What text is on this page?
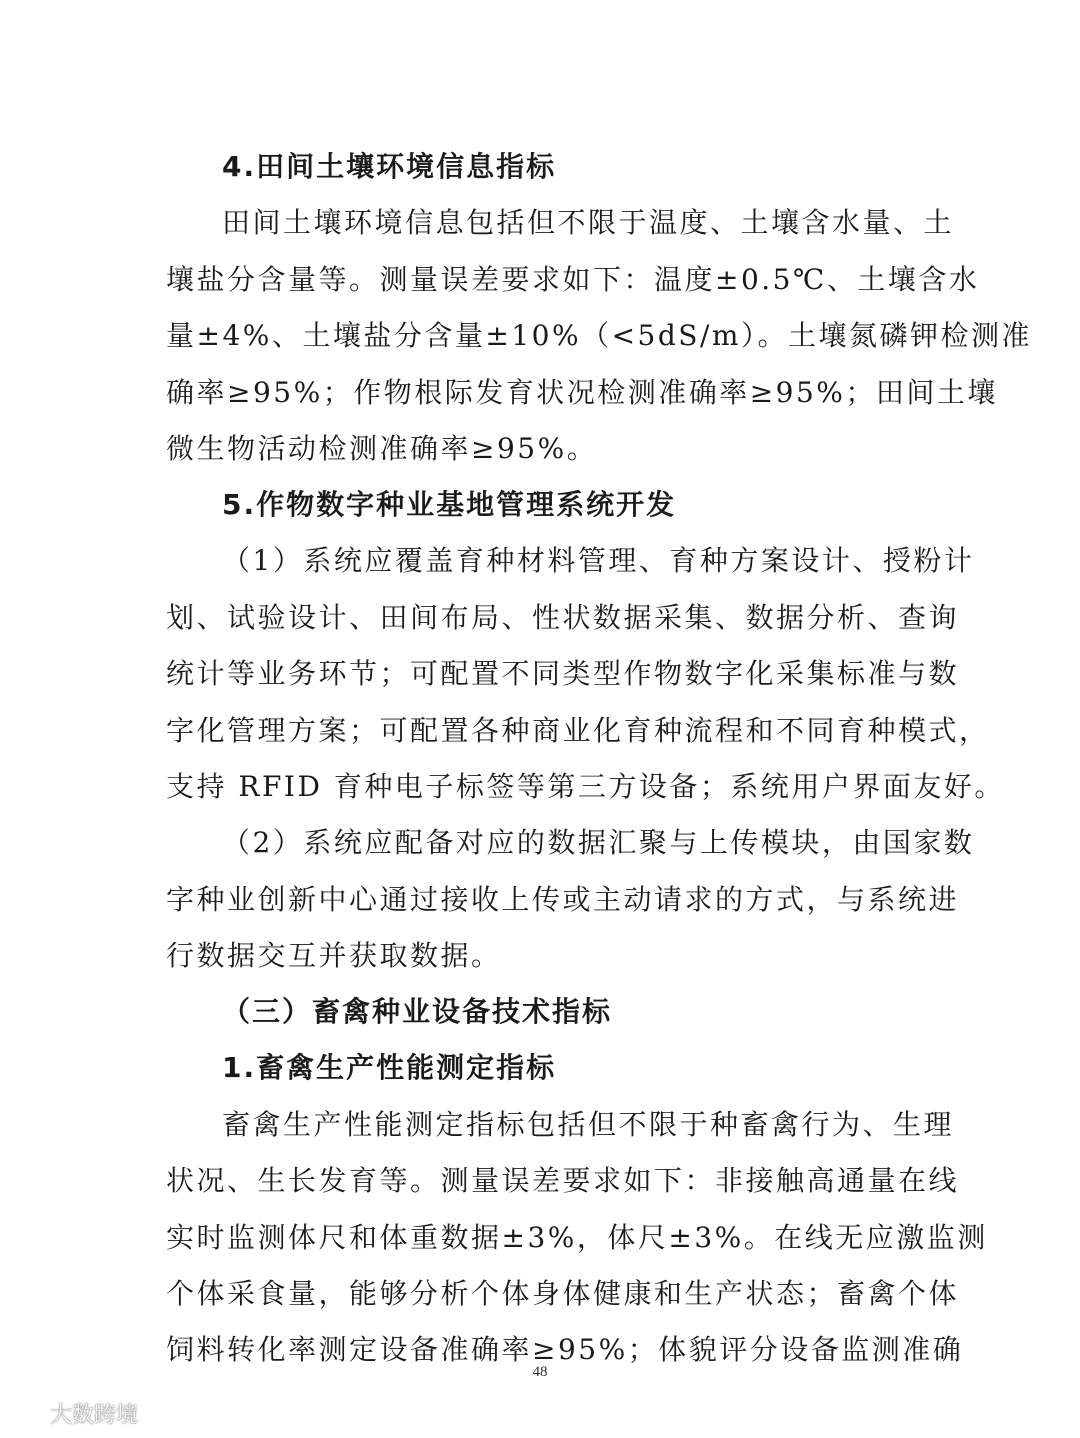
4.田间土壤环境信息指标
田间土壤环境信息包括但不限于温度、土壤含水量、土
壤盐分含量等。测量误差要求如下：温度±0.5℃、土壤含水
量±4%、土壤盐分含量±10%（<5dS/m）。土壤氮磷钾检测准
确率≥95%；作物根际发育状况检测准确率≥95%；田间土壤
微生物活动检测准确率≥95%。
5.作物数字种业基地管理系统开发
（1）系统应覆盖育种材料管理、育种方案设计、授粉计
划、试验设计、田间布局、性状数据采集、数据分析、查询
统计等业务环节；可配置不同类型作物数字化采集标准与数
字化管理方案；可配置各种商业化育种流程和不同育种模式，
支持 RFID 育种电子标签等第三方设备；系统用户界面友好。
（2）系统应配备对应的数据汇聚与上传模块，由国家数
字种业创新中心通过接收上传或主动请求的方式，与系统进
行数据交互并获取数据。
（三）畜禽种业设备技术指标
1.畜禽生产性能测定指标
畜禽生产性能测定指标包括但不限于种畜禽行为、生理
状况、生长发育等。测量误差要求如下：非接触高通量在线
实时监测体尺和体重数据±3%，体尺±3%。在线无应激监测
个体采食量，能够分析个体身体健康和生产状态；畜禽个体
饲料转化率测定设备准确率≥95%；体貌评分设备监测准确
48
大数跨境
